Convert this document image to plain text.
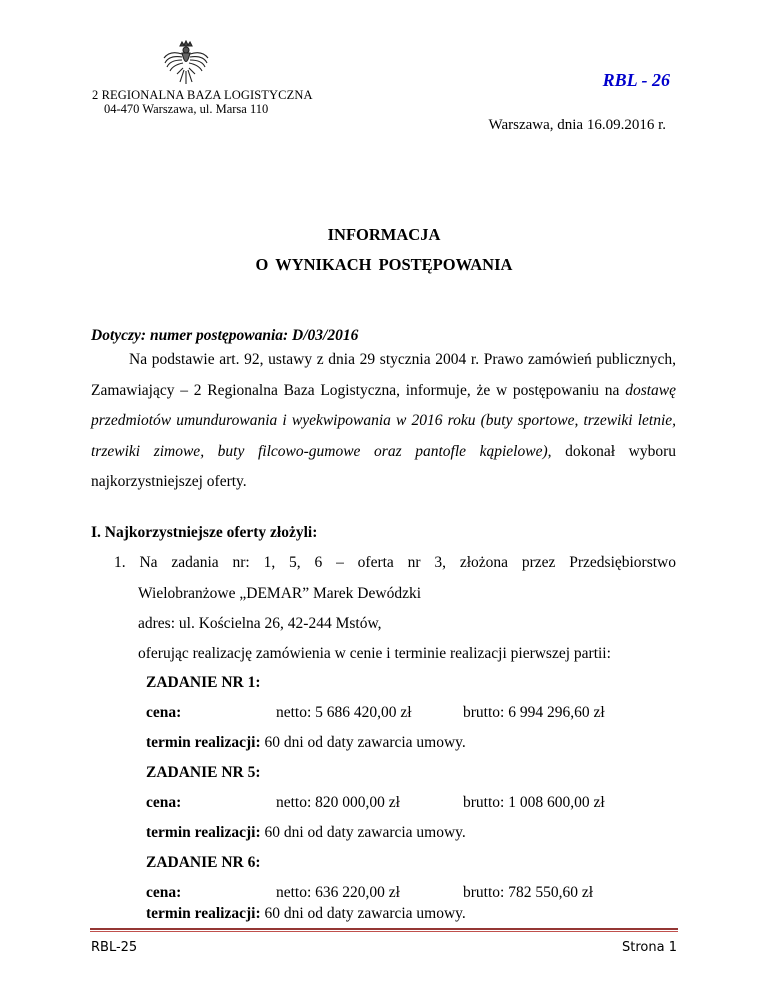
2 REGIONALNA BAZA LOGISTYCZNA
04-470 Warszawa, ul. Marsa 110
RBL - 26
Warszawa, dnia 16.09.2016 r.
INFORMACJA
O WYNIKACH POSTĘPOWANIA
Dotyczy: numer postępowania: D/03/2016
Na podstawie art. 92, ustawy z dnia 29 stycznia 2004 r. Prawo zamówień publicznych, Zamawiający – 2 Regionalna Baza Logistyczna, informuje, że w postępowaniu na dostawę przedmiotów umundurowania i wyekwipowania w 2016 roku (buty sportowe, trzewiki letnie, trzewiki zimowe, buty filcowo-gumowe oraz pantofle kąpielowe), dokonał wyboru najkorzystniejszej oferty.
I. Najkorzystniejsze oferty złożyli:
1. Na zadania nr: 1, 5, 6 – oferta nr 3, złożona przez Przedsiębiorstwo
Wielobranżowe „DEMAR” Marek Dewódzki
adres: ul. Kościelna 26, 42-244 Mstów,
oferując realizację zamówienia w cenie i terminie realizacji pierwszej partii:
ZADANIE NR 1:
cena:	netto: 5 686 420,00 zł	brutto: 6 994 296,60 zł
termin realizacji: 60 dni od daty zawarcia umowy.
ZADANIE NR 5:
cena:	netto: 820 000,00 zł	brutto: 1 008 600,00 zł
termin realizacji: 60 dni od daty zawarcia umowy.
ZADANIE NR 6:
cena:	netto: 636 220,00 zł	brutto: 782 550,60 zł
termin realizacji: 60 dni od daty zawarcia umowy.
RBL-25	Strona 1
